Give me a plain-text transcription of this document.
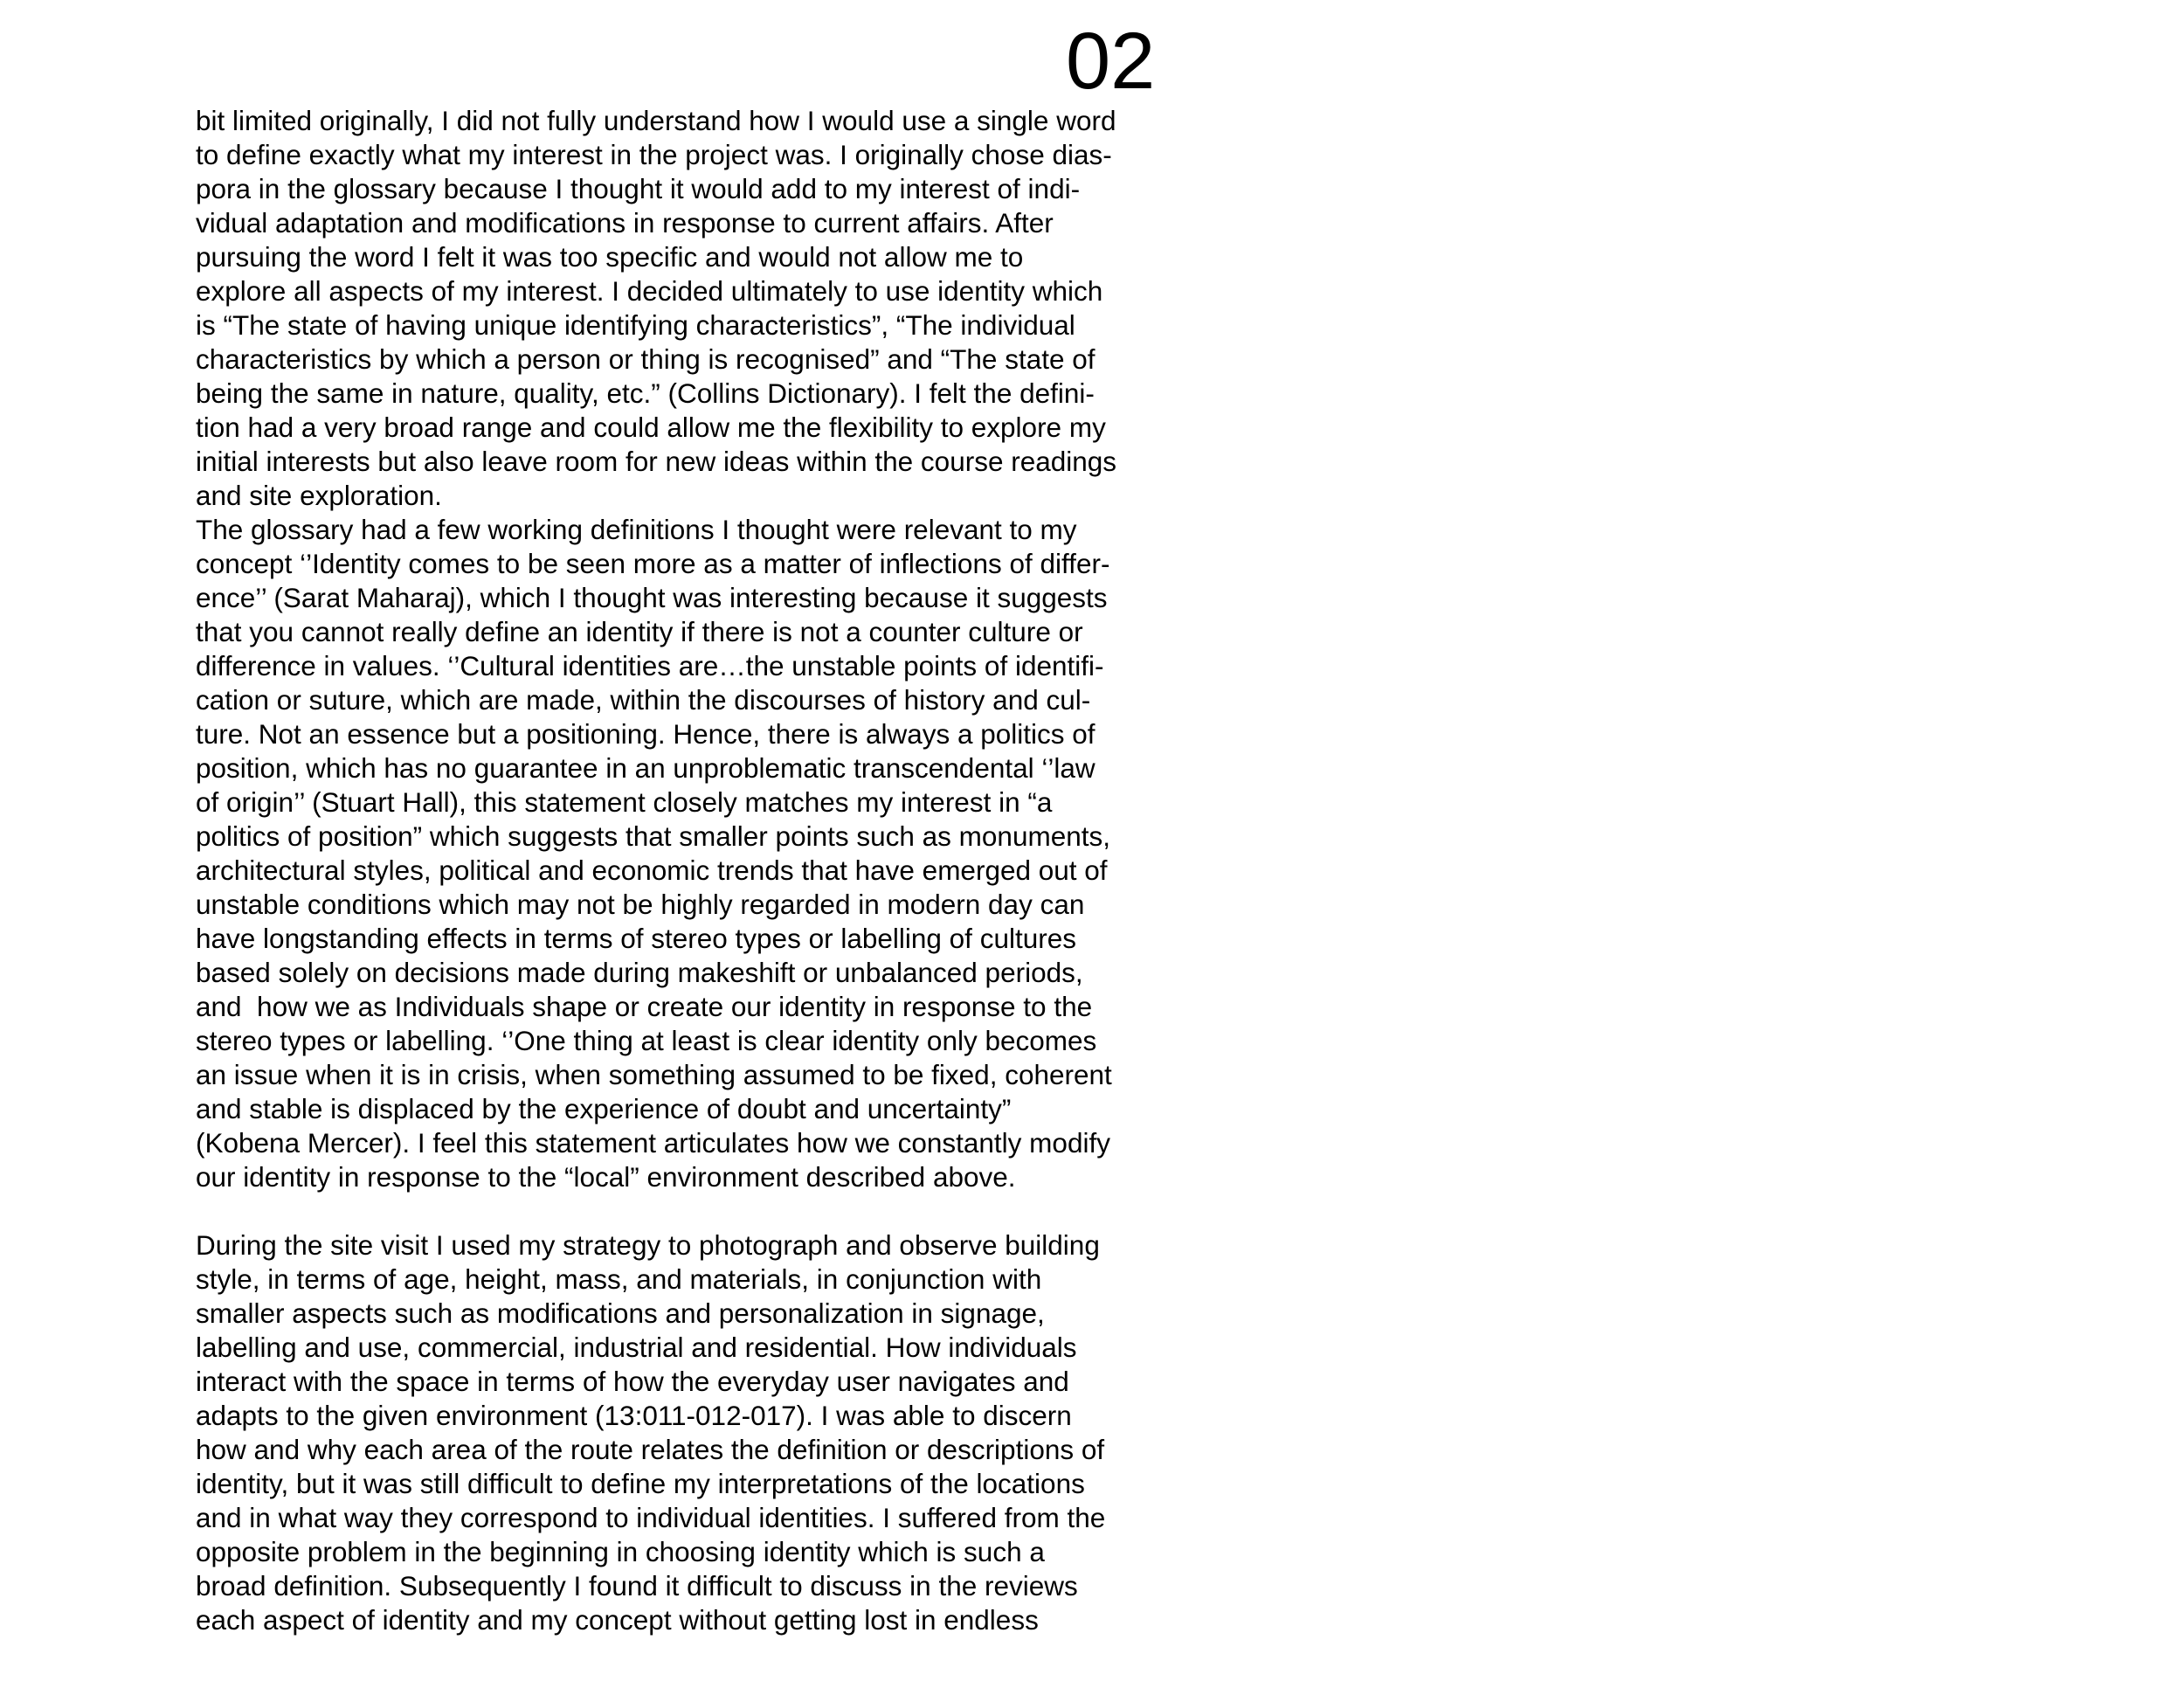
02
bit limited originally, I did not fully understand how I would use a single word
to define exactly what my interest in the project was. I originally chose dias-
pora in the glossary because I thought it would add to my interest of indi-
vidual adaptation and modifications in response to current affairs. After
pursuing the word I felt it was too specific and would not allow me to
explore all aspects of my interest. I decided ultimately to use identity which
is “The state of having unique identifying characteristics”, “The individual
characteristics by which a person or thing is recognised” and “The state of
being the same in nature, quality, etc.” (Collins Dictionary). I felt the defini-
tion had a very broad range and could allow me the flexibility to explore my
initial interests but also leave room for new ideas within the course readings
and site exploration.
The glossary had a few working definitions I thought were relevant to my
concept ‘’Identity comes to be seen more as a matter of inflections of differ-
ence’’ (Sarat Maharaj), which I thought was interesting because it suggests
that you cannot really define an identity if there is not a counter culture or
difference in values. ‘’Cultural identities are…the unstable points of identifi-
cation or suture, which are made, within the discourses of history and cul-
ture. Not an essence but a positioning. Hence, there is always a politics of
position, which has no guarantee in an unproblematic transcendental ‘’law
of origin’’ (Stuart Hall), this statement closely matches my interest in “a
politics of position” which suggests that smaller points such as monuments,
architectural styles, political and economic trends that have emerged out of
unstable conditions which may not be highly regarded in modern day can
have longstanding effects in terms of stereo types or labelling of cultures
based solely on decisions made during makeshift or unbalanced periods,
and  how we as Individuals shape or create our identity in response to the
stereo types or labelling. ‘’One thing at least is clear identity only becomes
an issue when it is in crisis, when something assumed to be fixed, coherent
and stable is displaced by the experience of doubt and uncertainty”
(Kobena Mercer). I feel this statement articulates how we constantly modify
our identity in response to the “local” environment described above.
During the site visit I used my strategy to photograph and observe building
style, in terms of age, height, mass, and materials, in conjunction with
smaller aspects such as modifications and personalization in signage,
labelling and use, commercial, industrial and residential. How individuals
interact with the space in terms of how the everyday user navigates and
adapts to the given environment (13:011-012-017). I was able to discern
how and why each area of the route relates the definition or descriptions of
identity, but it was still difficult to define my interpretations of the locations
and in what way they correspond to individual identities. I suffered from the
opposite problem in the beginning in choosing identity which is such a
broad definition. Subsequently I found it difficult to discuss in the reviews
each aspect of identity and my concept without getting lost in endless
